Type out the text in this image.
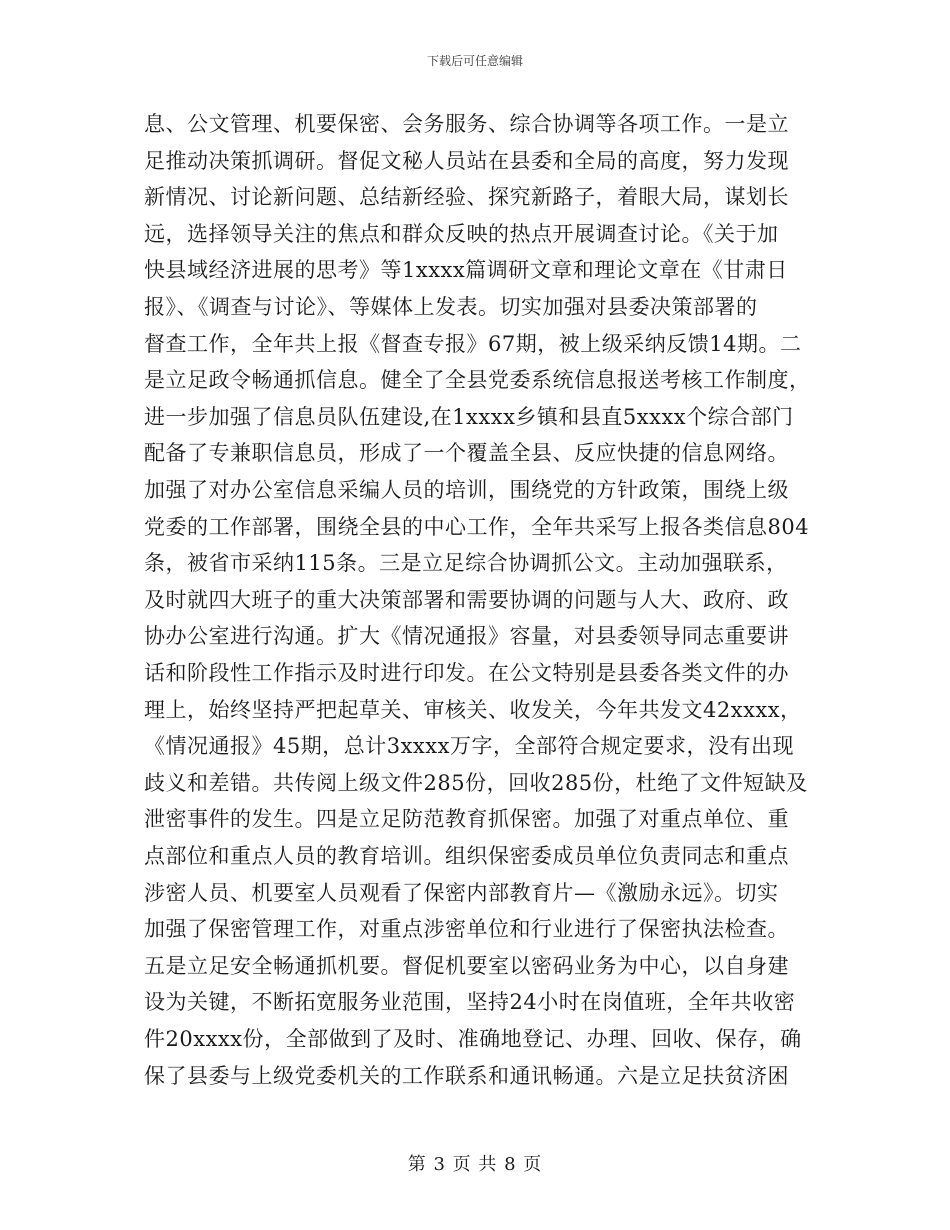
下载后可任意编辑
息、公文管理、机要保密、会务服务、综合协调等各项工作。一是立
足推动决策抓调研。督促文秘人员站在县委和全局的高度，努力发现
新情况、讨论新问题、总结新经验、探究新路子，着眼大局，谋划长
远，选择领导关注的焦点和群众反映的热点开展调查讨论。《关于加
快县域经济进展的思考》等1xxxx篇调研文章和理论文章在《甘肃日
报》、《调查与讨论》、等媒体上发表。切实加强对县委决策部署的
督查工作，全年共上报《督查专报》67期，被上级采纳反馈14期。二
是立足政令畅通抓信息。健全了全县党委系统信息报送考核工作制度，
进一步加强了信息员队伍建设,在1xxxx乡镇和县直5xxxx个综合部门
配备了专兼职信息员，形成了一个覆盖全县、反应快捷的信息网络。
加强了对办公室信息采编人员的培训，围绕党的方针政策，围绕上级
党委的工作部署，围绕全县的中心工作，全年共采写上报各类信息804
条，被省市采纳115条。三是立足综合协调抓公文。主动加强联系，
及时就四大班子的重大决策部署和需要协调的问题与人大、政府、政
协办公室进行沟通。扩大《情况通报》容量，对县委领导同志重要讲
话和阶段性工作指示及时进行印发。在公文特别是县委各类文件的办
理上，始终坚持严把起草关、审核关、收发关，今年共发文42xxxx，
《情况通报》45期，总计3xxxx万字，全部符合规定要求，没有出现
歧义和差错。共传阅上级文件285份，回收285份，杜绝了文件短缺及
泄密事件的发生。四是立足防范教育抓保密。加强了对重点单位、重
点部位和重点人员的教育培训。组织保密委成员单位负责同志和重点
涉密人员、机要室人员观看了保密内部教育片—《激励永远》。切实
加强了保密管理工作，对重点涉密单位和行业进行了保密执法检查。
五是立足安全畅通抓机要。督促机要室以密码业务为中心，以自身建
设为关键，不断拓宽服务业范围，坚持24小时在岗值班，全年共收密
件20xxxx份，全部做到了及时、准确地登记、办理、回收、保存，确
保了县委与上级党委机关的工作联系和通讯畅通。六是立足扶贫济困
第 3 页 共 8 页
